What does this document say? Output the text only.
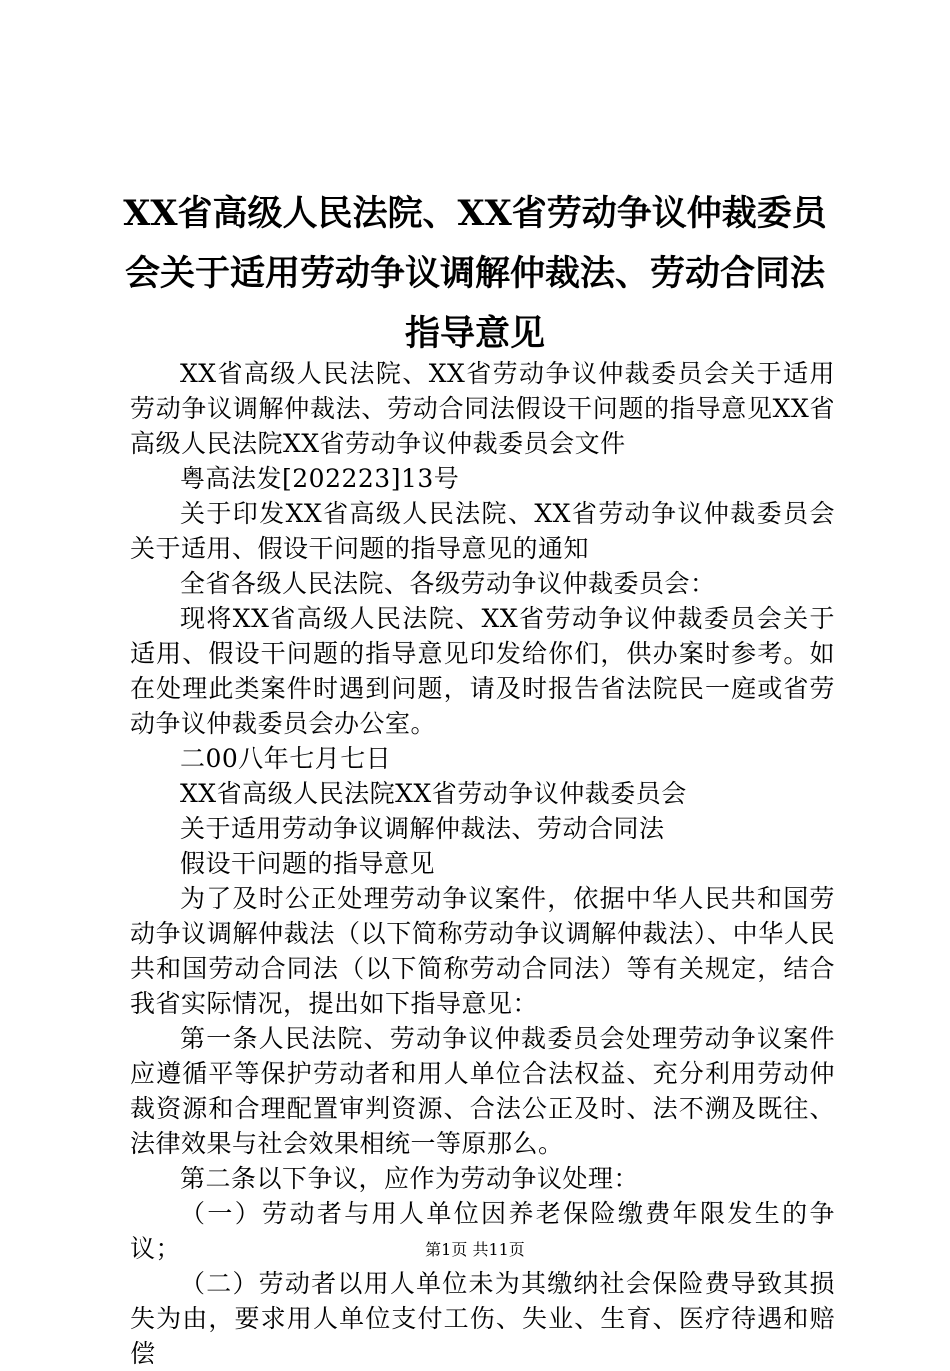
XX省高级人民法院、XX省劳动争议仲裁委员会关于适用劳动争议调解仲裁法、劳动合同法指导意见

XX省高级人民法院、XX省劳动争议仲裁委员会关于适用劳动争议调解仲裁法、劳动合同法假设干问题的指导意见XX省高级人民法院XX省劳动争议仲裁委员会文件

粤高法发[202223]13号

关于印发XX省高级人民法院、XX省劳动争议仲裁委员会关于适用、假设干问题的指导意见的通知

全省各级人民法院、各级劳动争议仲裁委员会：

现将XX省高级人民法院、XX省劳动争议仲裁委员会关于适用、假设干问题的指导意见印发给你们，供办案时参考。如在处理此类案件时遇到问题，请及时报告省法院民一庭或省劳动争议仲裁委员会办公室。

二00八年七月七日

XX省高级人民法院XX省劳动争议仲裁委员会

关于适用劳动争议调解仲裁法、劳动合同法

假设干问题的指导意见

为了及时公正处理劳动争议案件，依据中华人民共和国劳动争议调解仲裁法（以下简称劳动争议调解仲裁法）、中华人民共和国劳动合同法（以下简称劳动合同法）等有关规定，结合我省实际情况，提出如下指导意见：

第一条人民法院、劳动争议仲裁委员会处理劳动争议案件应遵循平等保护劳动者和用人单位合法权益、充分利用劳动仲裁资源和合理配置审判资源、合法公正及时、法不溯及既往、法律效果与社会效果相统一等原那么。

第二条以下争议，应作为劳动争议处理：

（一）劳动者与用人单位因养老保险缴费年限发生的争议；

（二）劳动者以用人单位未为其缴纳社会保险费导致其损失为由，要求用人单位支付工伤、失业、生育、医疗待遇和赔偿

第1页 共11页
